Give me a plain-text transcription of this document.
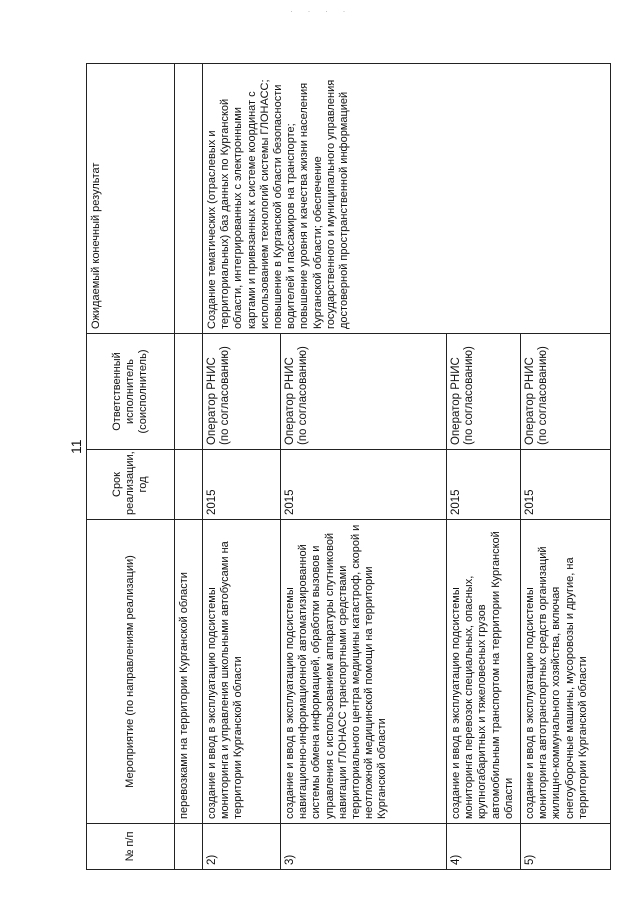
· · · ·
11
№ п/п	Мероприятие (по направлениям реализации)	Срок реализации, год	Ответственный исполнитель (соисполнитель)	Ожидаемый конечный результат
	перевозками на территории Курганской области			
2)	создание и ввод в эксплуатацию подсистемы мониторинга и управления школьными автобусами на территории Курганской области	2015	Оператор РНИС (по согласованию)	Создание тематических (отраслевых и территориальных) баз данных по Курганской области, интегрированных с электронными картами и привязанных к системе координат с использованием технологий системы ГЛОНАСС; повышение в Курганской области безопасности водителей и пассажиров на транспорте; повышение уровня и качества жизни населения Курганской области; обеспечение государственного и муниципального управления достоверной пространственной информацией
3)	создание и ввод в эксплуатацию подсистемы навигационно-информационной автоматизированной системы обмена информацией, обработки вызовов и управления с использованием аппаратуры спутниковой навигации ГЛОНАСС транспортными средствами территориального центра медицины катастроф, скорой и неотложной медицинской помощи на территории Курганской области	2015	Оператор РНИС (по согласованию)	
4)	создание и ввод в эксплуатацию подсистемы мониторинга перевозок специальных, опасных, крупногабаритных и тяжеловесных грузов автомобильным транспортом на территории Курганской области	2015	Оператор РНИС (по согласованию)	
5)	создание и ввод в эксплуатацию подсистемы мониторинга автотранспортных средств организаций жилищно-коммунального хозяйства, включая снегоуборочные машины, мусоровозы и другие, на территории Курганской области	2015	Оператор РНИС (по согласованию)	
